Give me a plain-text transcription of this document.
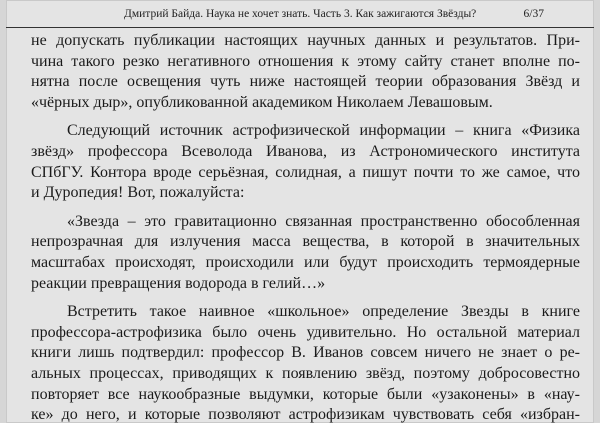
Дмитрий Байда. Наука не хочет знать. Часть 3. Как зажигаются Звёзды?	6/37

не допускать публикации настоящих научных данных и результатов. При-
чина такого резко негативного отношения к этому сайту станет вполне по-
нятна после освещения чуть ниже настоящей теории образования Звёзд и
«чёрных дыр», опубликованной академиком Николаем Левашовым.

Следующий источник астрофизической информации – книга «Физика
звёзд» профессора Всеволода Иванова, из Астрономического института
СПбГУ. Контора вроде серьёзная, солидная, а пишут почти то же самое, что
и Дуропедия! Вот, пожалуйста:

«Звезда – это гравитационно связанная пространственно обособленная
непрозрачная для излучения масса вещества, в которой в значительных
масштабах происходят, происходили или будут происходить термоядерные
реакции превращения водорода в гелий…»

Встретить такое наивное «школьное» определение Звезды в книге
профессора-астрофизика было очень удивительно. Но остальной материал
книги лишь подтвердил: профессор В. Иванов совсем ничего не знает о ре-
альных процессах, приводящих к появлению звёзд, поэтому добросовестно
повторяет все наукообразные выдумки, которые были «узаконены» в «нау-
ке» до него, и которые позволяют астрофизикам чувствовать себя «избран-
